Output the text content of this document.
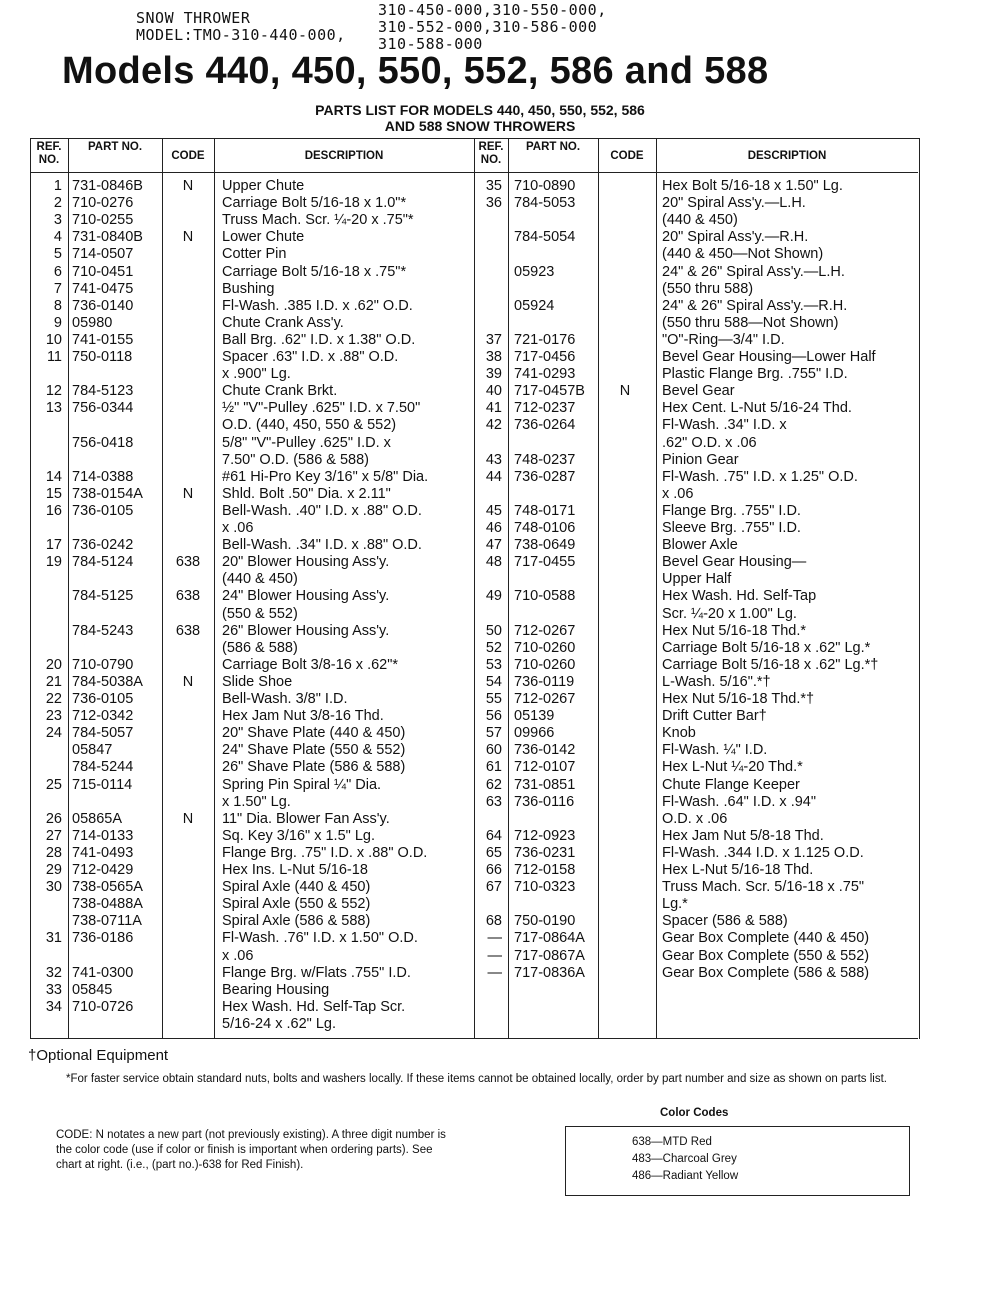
SNOW THROWER
MODEL:TMO-310-440-000,
310-450-000,310-550-000,
310-552-000,310-586-000
310-588-000
Models 440, 450, 550, 552, 586 and 588
PARTS LIST FOR MODELS 440, 450, 550, 552, 586
AND 588 SNOW THROWERS
REF. NO.
PART NO.
CODE	DESCRIPTION
REF. NO.
PART NO.
CODE	DESCRIPTION
1 731-0846B	N	Upper Chute
2 710-0276	Carriage Bolt 5/16-18 x 1.0"*
3 710-0255	Truss Mach. Scr. ¼-20 x .75"*
4 731-0840B	N	Lower Chute
5 714-0507	Cotter Pin
6 710-0451	Carriage Bolt 5/16-18 x .75"*
7 741-0475	Bushing
8 736-0140	Fl-Wash. .385 I.D. x .62" O.D.
9 05980	Chute Crank Ass'y.
10 741-0155	Ball Brg. .62" I.D. x 1.38" O.D.
11 750-0118	Spacer .63" I.D. x .88" O.D.
x .900" Lg.
12 784-5123	Chute Crank Brkt.
13 756-0344	½" "V"-Pulley .625" I.D. x 7.50"
O.D. (440, 450, 550 & 552)
756-0418	5/8" "V"-Pulley .625" I.D. x
7.50" O.D. (586 & 588)
14 714-0388	#61 Hi-Pro Key 3/16" x 5/8" Dia.
15 738-0154A	N	Shld. Bolt .50" Dia. x 2.11"
16 736-0105	Bell-Wash. .40" I.D. x .88" O.D.
x .06
17 736-0242	Bell-Wash. .34" I.D. x .88" O.D.
19 784-5124	638	20" Blower Housing Ass'y.
(440 & 450)
784-5125	638	24" Blower Housing Ass'y.
(550 & 552)
784-5243	638	26" Blower Housing Ass'y.
(586 & 588)
20 710-0790	Carriage Bolt 3/8-16 x .62"*
21 784-5038A	N	Slide Shoe
22 736-0105	Bell-Wash. 3/8" I.D.
23 712-0342	Hex Jam Nut 3/8-16 Thd.
24 784-5057	20" Shave Plate (440 & 450)
05847	24" Shave Plate (550 & 552)
784-5244	26" Shave Plate (586 & 588)
25 715-0114	Spring Pin Spiral ¼" Dia.
x 1.50" Lg.
26 05865A	N	11" Dia. Blower Fan Ass'y.
27 714-0133	Sq. Key 3/16" x 1.5" Lg.
28 741-0493	Flange Brg. .75" I.D. x .88" O.D.
29 712-0429	Hex Ins. L-Nut 5/16-18
30 738-0565A	Spiral Axle (440 & 450)
738-0488A	Spiral Axle (550 & 552)
738-0711A	Spiral Axle (586 & 588)
31 736-0186	Fl-Wash. .76" I.D. x 1.50" O.D.
x .06
32 741-0300	Flange Brg. w/Flats .755" I.D.
33 05845	Bearing Housing
34 710-0726	Hex Wash. Hd. Self-Tap Scr.
5/16-24 x .62" Lg.
35 710-0890	Hex Bolt 5/16-18 x 1.50" Lg.
36 784-5053	20" Spiral Ass'y.—L.H.
(440 & 450)
784-5054	20" Spiral Ass'y.—R.H.
(440 & 450—Not Shown)
05923	24" & 26" Spiral Ass'y.—L.H.
(550 thru 588)
05924	24" & 26" Spiral Ass'y.—R.H.
(550 thru 588—Not Shown)
37 721-0176	"O"-Ring—3/4" I.D.
38 717-0456	Bevel Gear Housing—Lower Half
39 741-0293	Plastic Flange Brg. .755" I.D.
40 717-0457B	N	Bevel Gear
41 712-0237	Hex Cent. L-Nut 5/16-24 Thd.
42 736-0264	Fl-Wash. .34" I.D. x
.62" O.D. x .06
43 748-0237	Pinion Gear
44 736-0287	Fl-Wash. .75" I.D. x 1.25" O.D.
x .06
45 748-0171	Flange Brg. .755" I.D.
46 748-0106	Sleeve Brg. .755" I.D.
47 738-0649	Blower Axle
48 717-0455	Bevel Gear Housing—
Upper Half
49 710-0588	Hex Wash. Hd. Self-Tap
Scr. ¼-20 x 1.00" Lg.
50 712-0267	Hex Nut 5/16-18 Thd.*
52 710-0260	Carriage Bolt 5/16-18 x .62" Lg.*
53 710-0260	Carriage Bolt 5/16-18 x .62" Lg.*†
54 736-0119	L-Wash. 5/16".*†
55 712-0267	Hex Nut 5/16-18 Thd.*†
56 05139	Drift Cutter Bar†
57 09966	Knob
60 736-0142	Fl-Wash. ¼" I.D.
61 712-0107	Hex L-Nut ¼-20 Thd.*
62 731-0851	Chute Flange Keeper
63 736-0116	Fl-Wash. .64" I.D. x .94"
O.D. x .06
64 712-0923	Hex Jam Nut 5/8-18 Thd.
65 736-0231	Fl-Wash. .344 I.D. x 1.125 O.D.
66 712-0158	Hex L-Nut 5/16-18 Thd.
67 710-0323	Truss Mach. Scr. 5/16-18 x .75"
Lg.*
68 750-0190	Spacer (586 & 588)
— 717-0864A	Gear Box Complete (440 & 450)
— 717-0867A	Gear Box Complete (550 & 552)
— 717-0836A	Gear Box Complete (586 & 588)
†Optional Equipment
*For faster service obtain standard nuts, bolts and washers locally. If these items cannot be obtained locally, order by part number and size as shown on parts list.
CODE: N notates a new part (not previously existing). A three digit number is the color code (use if color or finish is important when ordering parts). See chart at right. (i.e., (part no.)-638 for Red Finish).
Color Codes
638—MTD Red
483—Charcoal Grey
486—Radiant Yellow
